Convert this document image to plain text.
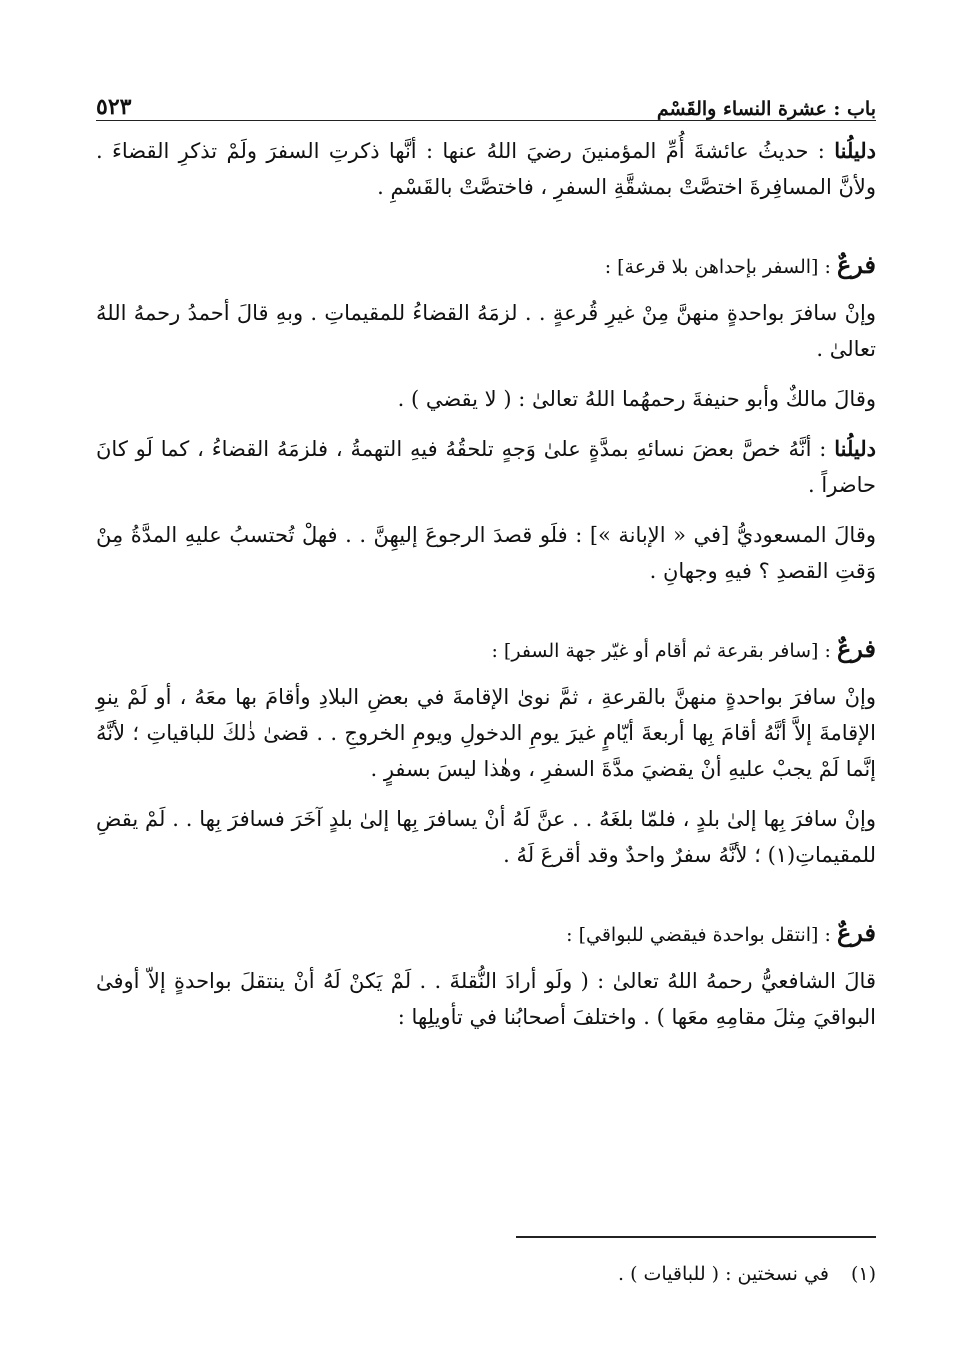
باب : عشرة النساء والقَسْم
٥٢٣

دليلُنا : حديثُ عائشةَ أُمِّ المؤمنينَ رضيَ اللهُ عنها : أنَّها ذكرتِ السفرَ ولَمْ تذكرِ القضاءَ . ولأنَّ المسافِرةَ اختصَّتْ بمشقَّةِ السفرِ ، فاختصَّتْ بالقَسْمِ .

فرعٌ : [السفر بإحداهن بلا قرعة] :

وإنْ سافرَ بواحدةٍ منهنَّ مِنْ غيرِ قُرعةٍ . . لزمَهُ القضاءُ للمقيماتِ . وبهِ قالَ أحمدُ رحمهُ اللهُ تعالىٰ .

وقالَ مالكٌ وأبو حنيفةَ رحمهُما اللهُ تعالىٰ : ( لا يقضي ) .

دليلُنا : أنَّهُ خصَّ بعضَ نسائهِ بمدَّةٍ علىٰ وَجهٍ تلحقُهُ فيهِ التهمةُ ، فلزمَهُ القضاءُ ، كما لَو كانَ حاضراً .

وقالَ المسعوديُّ [في « الإبانة »] : فلَو قصدَ الرجوعَ إليهِنَّ . . فهلْ تُحتسبُ عليهِ المدَّةُ مِنْ وَقتِ القصدِ ؟ فيهِ وجهانِ .

فرعٌ : [سافر بقرعة ثم أقام أو غيّر جهة السفر] :

وإنْ سافرَ بواحدةٍ منهنَّ بالقرعةِ ، ثمَّ نوىٰ الإقامةَ في بعضِ البلادِ وأقامَ بها معَهُ ، أو لَمْ ينوِ الإقامةَ إلاَّ أنَّهُ أقامَ بِها أربعةَ أيّامٍ غيرَ يومِ الدخولِ ويومِ الخروجِ . . قضىٰ ذٰلكَ للباقياتِ ؛ لأنَّهُ إنَّما لَمْ يجبْ عليهِ أنْ يقضيَ مدَّةَ السفرِ ، وهٰذا ليسَ بسفرٍ .

وإنْ سافرَ بِها إلىٰ بلدٍ ، فلمّا بلغَهُ . . عنَّ لَهُ أنْ يسافرَ بِها إلىٰ بلدٍ آخَرَ فسافرَ بِها . . لَمْ يقضِ للمقيماتِ(١) ؛ لأنَّهُ سفرٌ واحدٌ وقد أقرعَ لَهُ .

فرعٌ : [انتقل بواحدة فيقضي للبواقي] :

قالَ الشافعيُّ رحمهُ اللهُ تعالىٰ : ( ولَو أرادَ النُّقلةَ . . لَمْ يَكنْ لَهُ أنْ ينتقلَ بواحدةٍ إلاّ أوفىٰ البواقيَ مِثلَ مقامِهِ معَها ) . واختلفَ أصحابُنا في تأويلِها :

(١)في نسختين : ( للباقيات ) .
